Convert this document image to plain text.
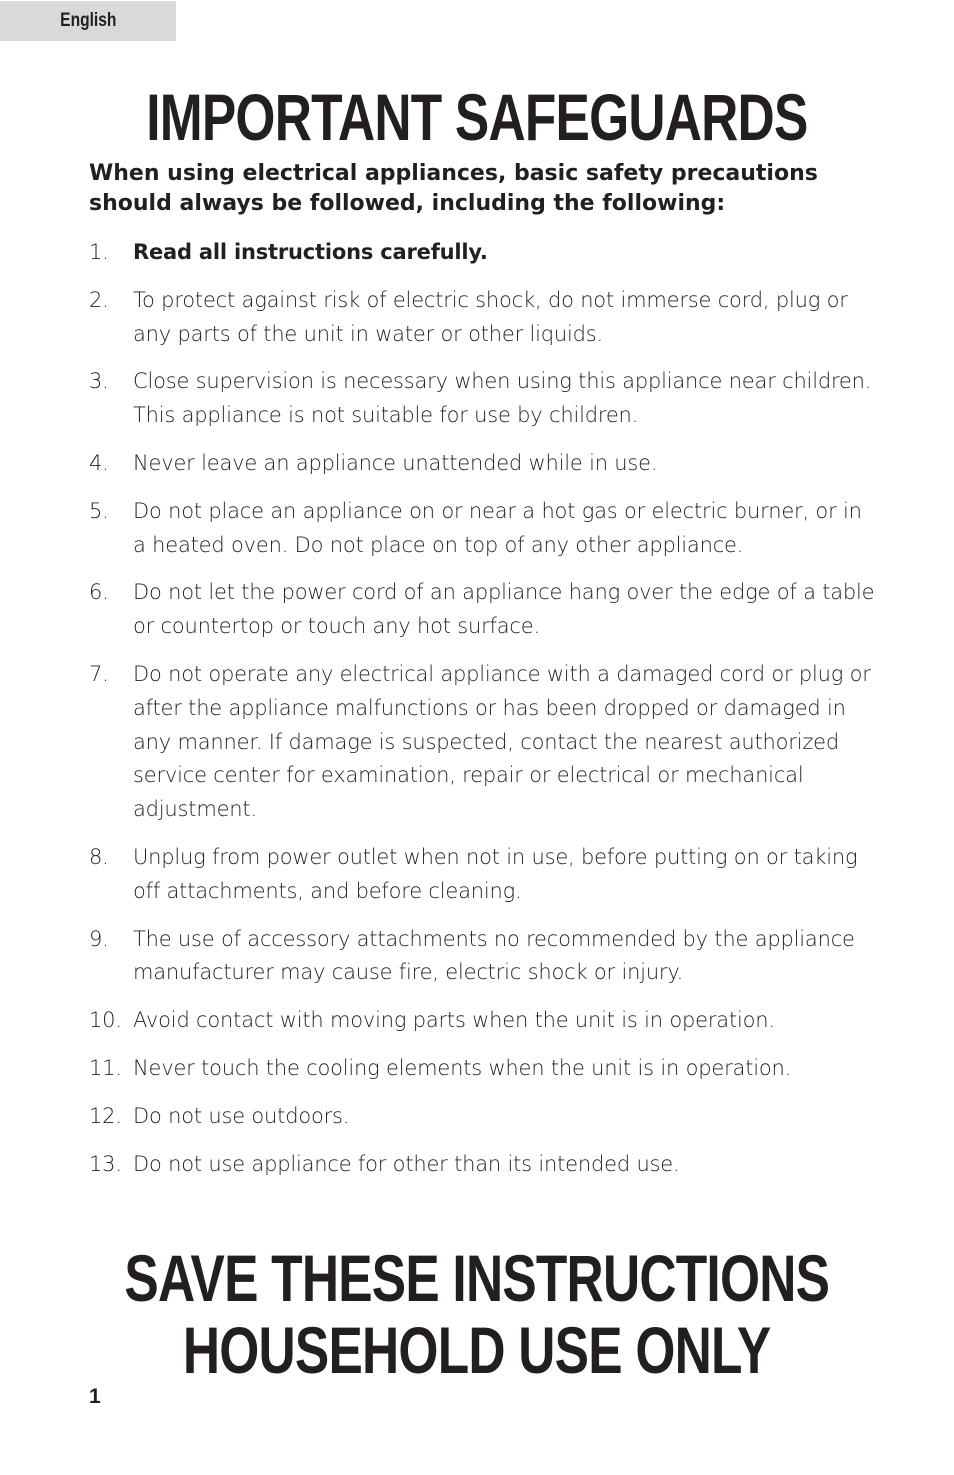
English
IMPORTANT SAFEGUARDS

When using electrical appliances, basic safety precautions should always be followed, including the following:

1.	Read all instructions carefully.
2.	To protect against risk of electric shock, do not immerse cord, plug or any parts of the unit in water or other liquids.
3.	Close supervision is necessary when using this appliance near children. This appliance is not suitable for use by children.
4.	Never leave an appliance unattended while in use.
5.	Do not place an appliance on or near a hot gas or electric burner, or in a heated oven. Do not place on top of any other appliance.
6.	Do not let the power cord of an appliance hang over the edge of a table or countertop or touch any hot surface.
7.	Do not operate any electrical appliance with a damaged cord or plug or after the appliance malfunctions or has been dropped or damaged in any manner. If damage is suspected, contact the nearest authorized service center for examination, repair or electrical or mechanical adjustment.
8.	Unplug from power outlet when not in use, before putting on or taking off attachments, and before cleaning.
9.	The use of accessory attachments no recommended by the appliance manufacturer may cause fire, electric shock or injury.
10. Avoid contact with moving parts when the unit is in operation.
11. Never touch the cooling elements when the unit is in operation.
12. Do not use outdoors.
13. Do not use appliance for other than its intended use.
SAVE THESE INSTRUCTIONS
HOUSEHOLD USE ONLY
1
